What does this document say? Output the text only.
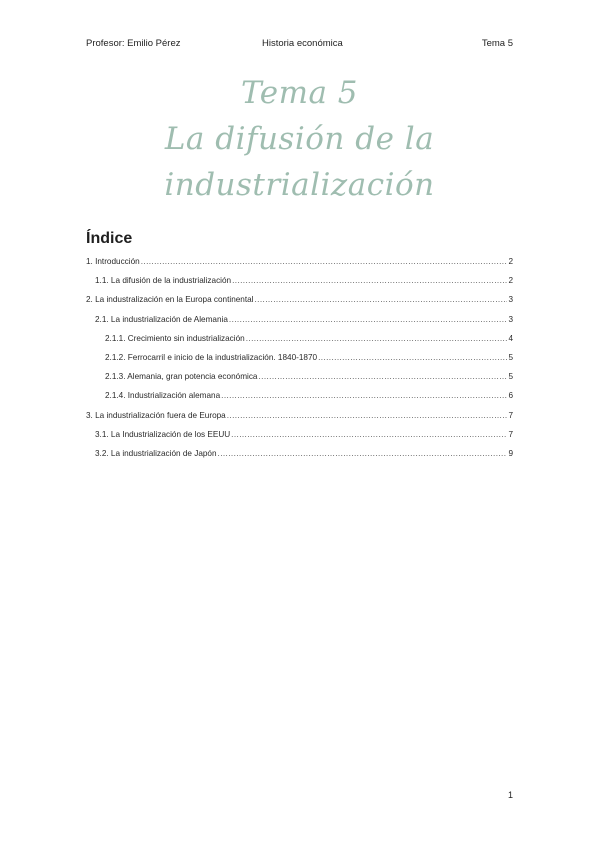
Profesor: Emilio Pérez	Historia económica	Tema 5
Tema 5
La difusión de la
industrialización
Índice
1. Introducción .....	2
1.1. La difusión de la industrialización .....	2
2. La industralización en la Europa continental .....	3
2.1. La industrialización de Alemania .....	3
2.1.1. Crecimiento sin industrialización .....	4
2.1.2. Ferrocarril e inicio de la industrialización. 1840-1870 .....	5
2.1.3. Alemania, gran potencia económica .....	5
2.1.4. Industrialización alemana .....	6
3. La industrialización fuera de Europa .....	7
3.1. La Industrialización de los EEUU .....	7
3.2. La industrialización de Japón .....	9
1
